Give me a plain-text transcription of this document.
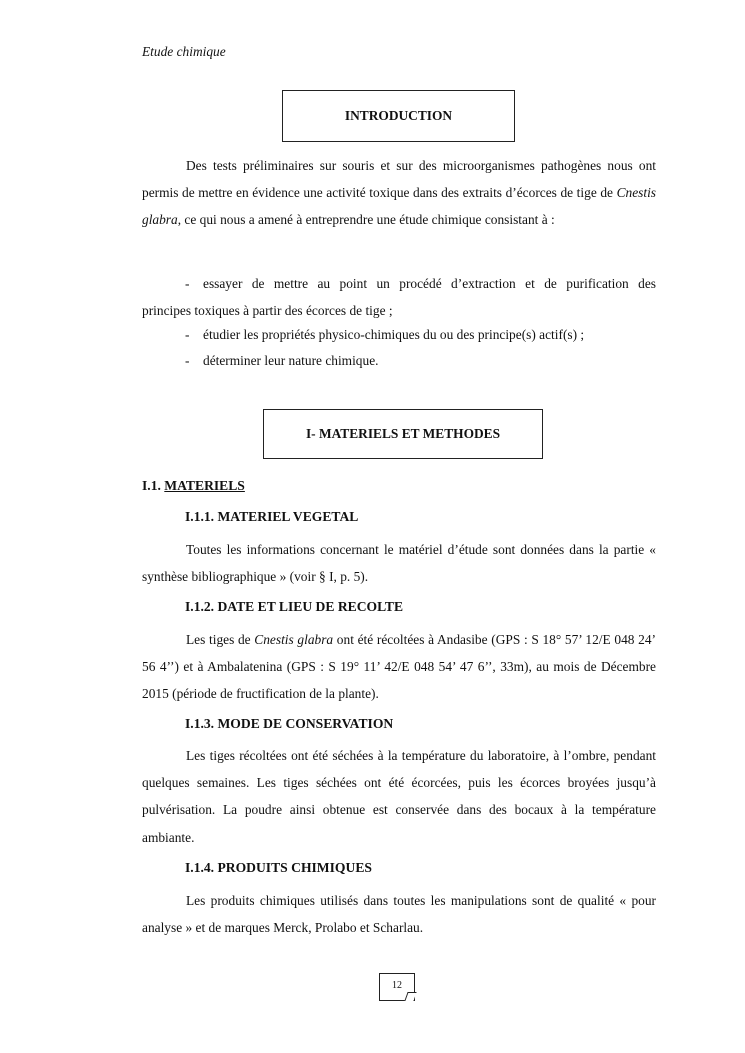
Etude chimique
INTRODUCTION
Des tests préliminaires sur souris et sur des microorganismes pathogènes nous ont permis de mettre en évidence une activité toxique dans des extraits d’écorces de tige de Cnestis glabra, ce qui nous a amené à entreprendre une étude chimique consistant à :
- essayer de mettre au point un procédé d’extraction et de purification des
principes toxiques à partir des écorces de tige ;
- étudier les propriétés physico-chimiques du ou des principe(s) actif(s) ;
- déterminer leur nature chimique.
I- MATERIELS ET METHODES
I.1. MATERIELS
I.1.1. MATERIEL VEGETAL
Toutes les informations concernant le matériel d’étude sont données dans la partie « synthèse bibliographique » (voir § I, p. 5).
I.1.2. DATE ET LIEU DE RECOLTE
Les tiges de Cnestis glabra ont été récoltées à Andasibe (GPS : S 18° 57’ 12/E 048 24’ 56 4’’) et à Ambalatenina (GPS : S 19° 11’ 42/E 048 54’ 47 6’’, 33m), au mois de Décembre 2015 (période de fructification de la plante).
I.1.3. MODE DE CONSERVATION
Les tiges récoltées ont été séchées à la température du laboratoire, à l’ombre, pendant quelques semaines. Les tiges séchées ont été écorcées, puis les écorces broyées jusqu’à pulvérisation. La poudre ainsi obtenue est conservée dans des bocaux à la température ambiante.
I.1.4. PRODUITS CHIMIQUES
Les produits chimiques utilisés dans toutes les manipulations sont de qualité « pour analyse » et de marques Merck, Prolabo et Scharlau.
12
